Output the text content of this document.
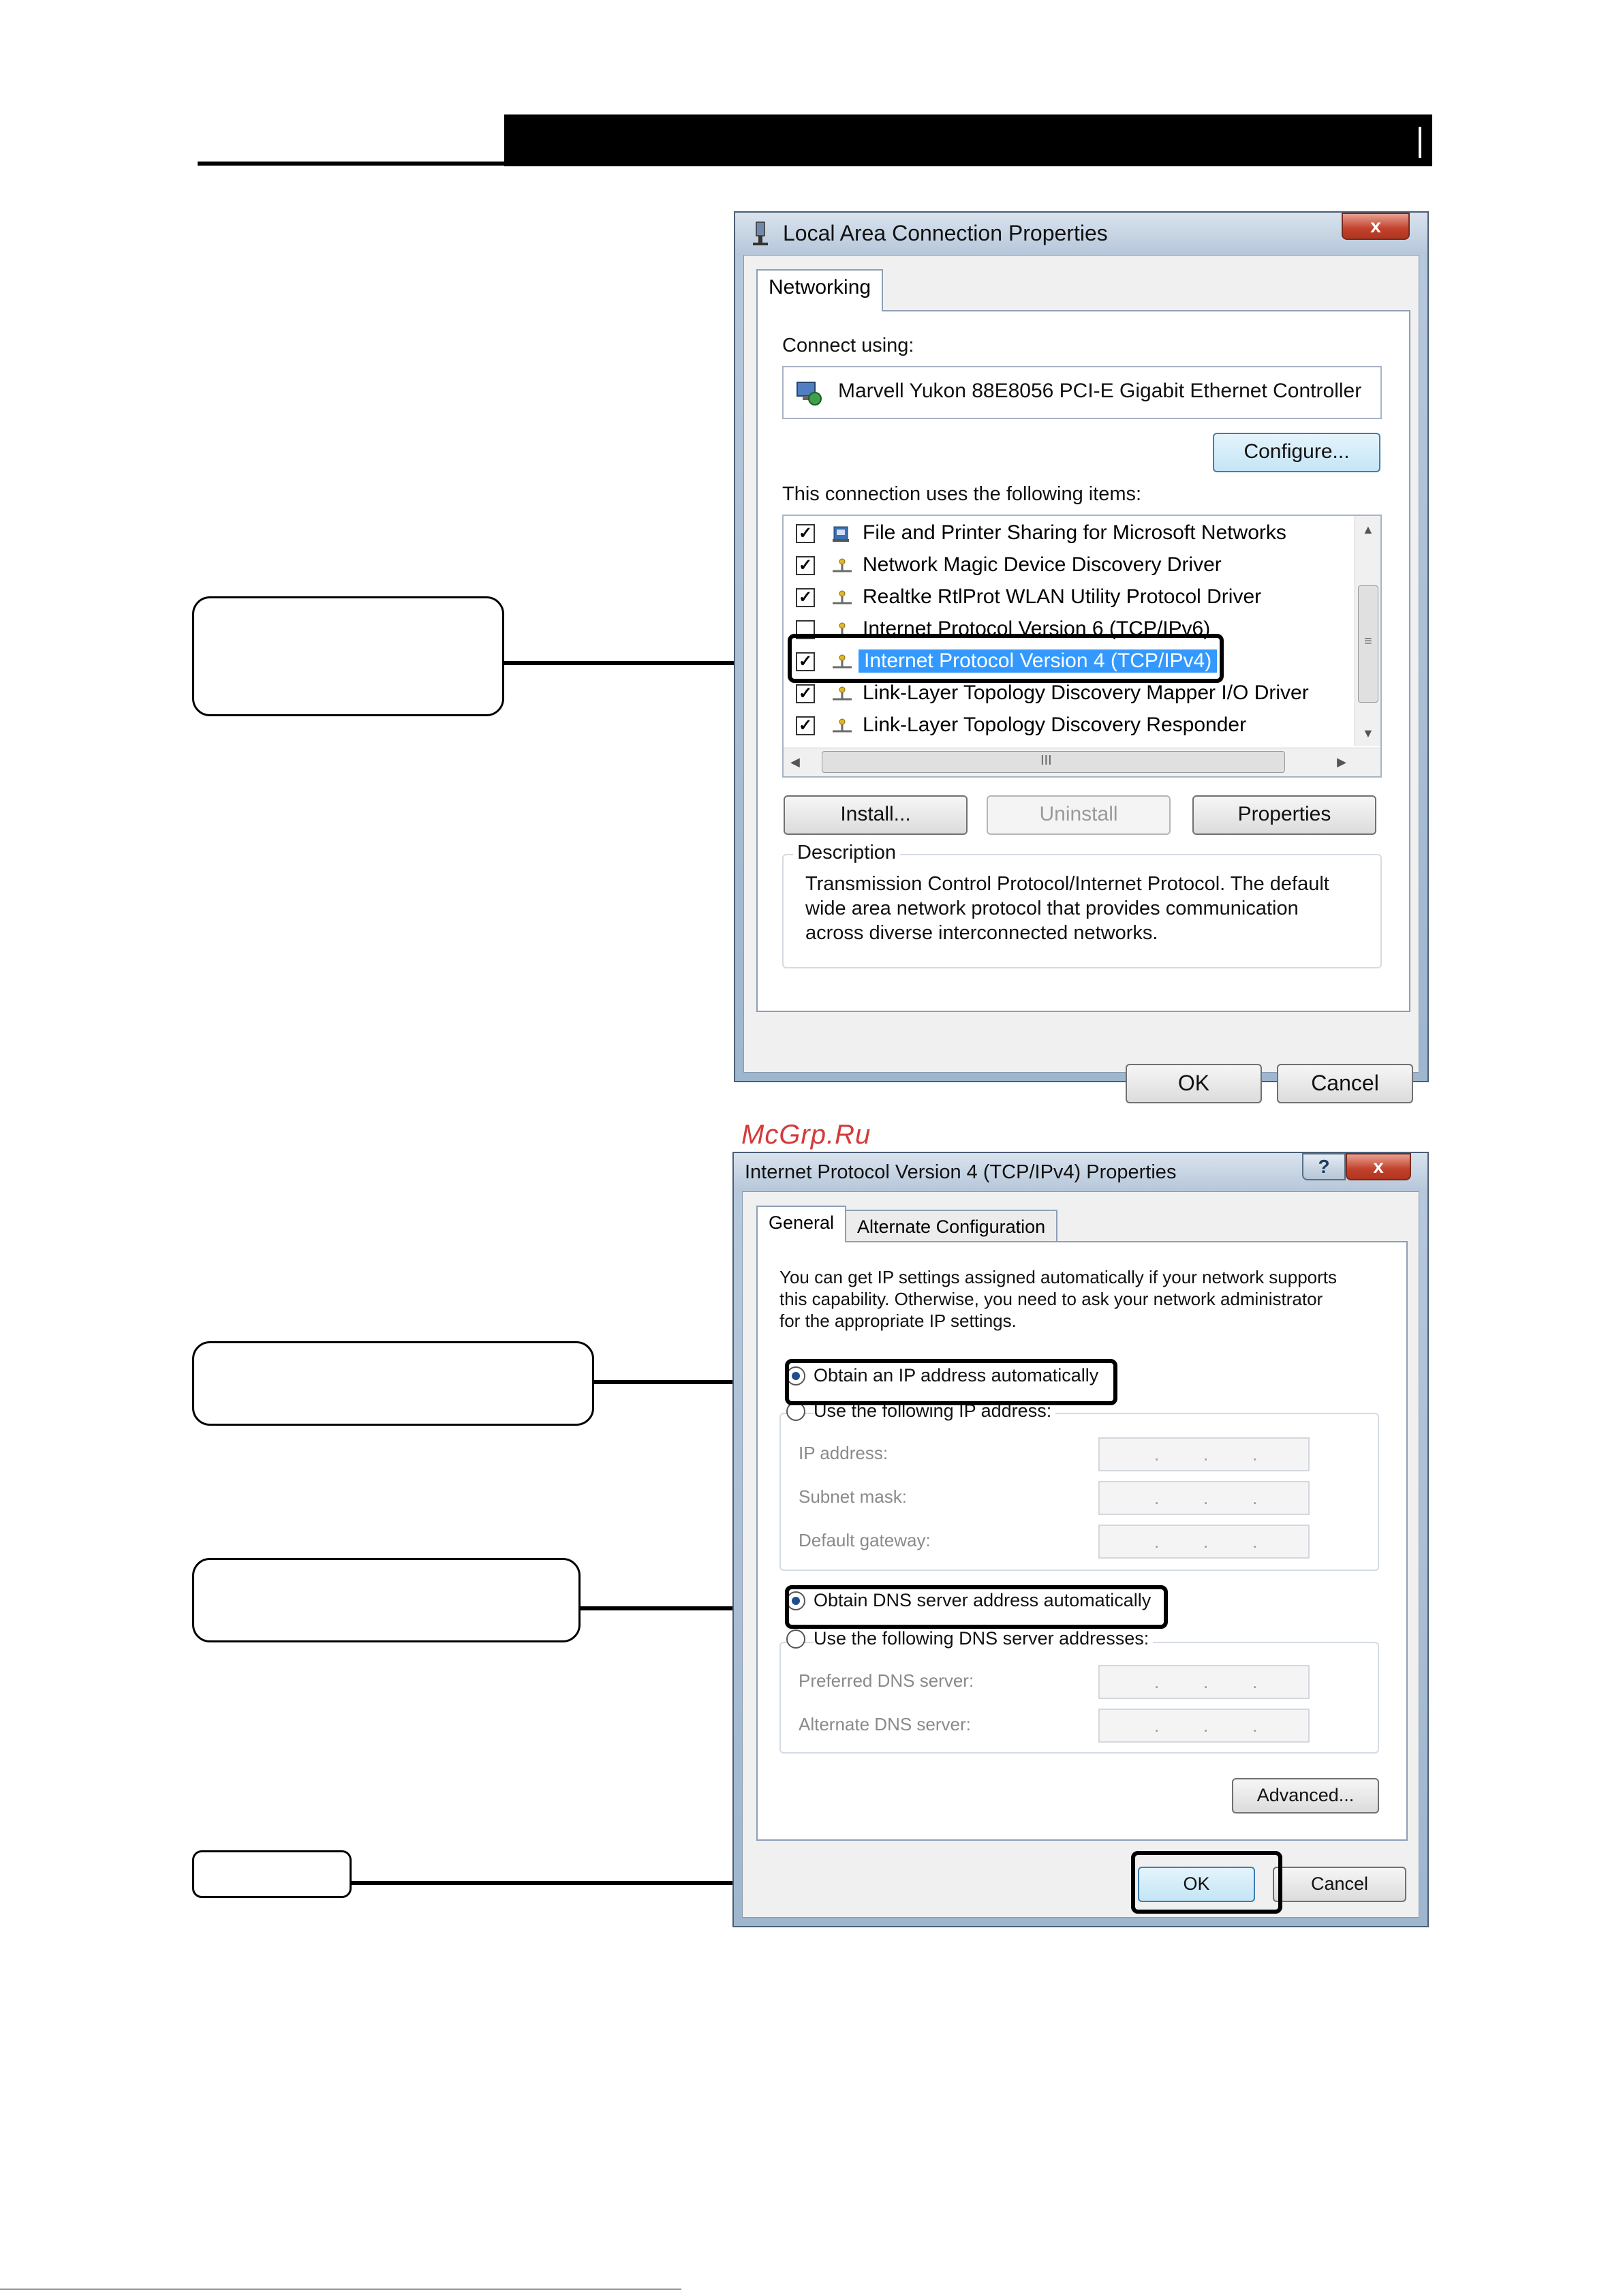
Local Area Connection Properties	x
Networking
Connect using:
Marvell Yukon 88E8056 PCI-E Gigabit Ethernet Controller
Configure...
This connection uses the following items:
✓ File and Printer Sharing for Microsoft Networks
✓ Network Magic Device Discovery Driver
✓ Realtke RtlProt WLAN Utility Protocol Driver
Internet Protocol Version 6 (TCP/IPv6)
✓	Internet Protocol Version 4 (TCP/IPv4)
✓ Link-Layer Topology Discovery Mapper I/O Driver
✓ Link-Layer Topology Discovery Responder
▲
≡
▼
◀	III	▶
Install...	Uninstall	Properties
Description
Transmission Control Protocol/Internet Protocol. The default
wide area network protocol that provides communication
across diverse interconnected networks.
OK	Cancel
McGrp.Ru
Internet Protocol Version 4 (TCP/IPv4) Properties	?	x
General	Alternate Configuration
You can get IP settings assigned automatically if your network supports
this capability. Otherwise, you need to ask your network administrator
for the appropriate IP settings.
Obtain an IP address automatically
Use the following IP address:
IP address:	. . .
Subnet mask:	. . .
Default gateway:	. . .
Obtain DNS server address automatically
Use the following DNS server addresses:
Preferred DNS server:	. . .
Alternate DNS server:	. . .
Advanced...
OK	Cancel
